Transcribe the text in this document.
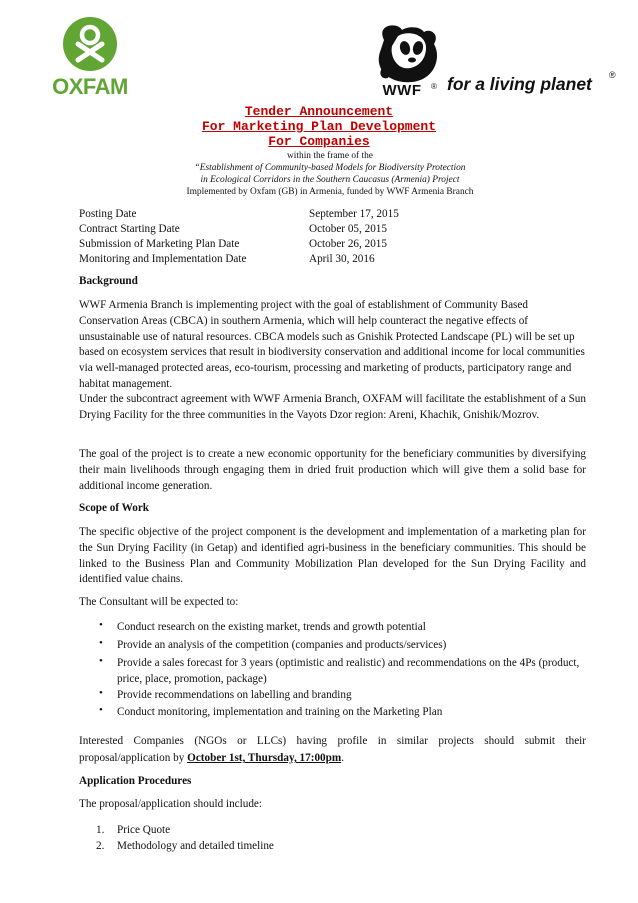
OXFAM	WWF	® for a living planet ®
Tender Announcement
For Marketing Plan Development
For Companies
within the frame of the
“Establishment of Community-based Models for Biodiversity Protection
in Ecological Corridors in the Southern Caucasus (Armenia) Project
Implemented by Oxfam (GB) in Armenia, funded by WWF Armenia Branch
Posting Date	September 17, 2015
Contract Starting Date	October 05, 2015
Submission of Marketing Plan Date	October 26, 2015
Monitoring and Implementation Date	April 30, 2016
Background

WWF Armenia Branch is implementing project with the goal of establishment of Community Based Conservation Areas (CBCA) in southern Armenia, which will help counteract the negative effects of unsustainable use of natural resources. CBCA models such as Gnishik Protected Landscape (PL) will be set up based on ecosystem services that result in biodiversity conservation and additional income for local communities via well-managed protected areas, eco-tourism, processing and marketing of products, participatory range and habitat management.

Under the subcontract agreement with WWF Armenia Branch, OXFAM will facilitate the establishment of a Sun Drying Facility for the three communities in the Vayots Dzor region: Areni, Khachik, Gnishik/Mozrov.

The goal of the project is to create a new economic opportunity for the beneficiary communities by diversifying their main livelihoods through engaging them in dried fruit production which will give them a solid base for additional income generation.

Scope of Work

The specific objective of the project component is the development and implementation of a marketing plan for the Sun Drying Facility (in Getap) and identified agri-business in the beneficiary communities. This should be linked to the Business Plan and Community Mobilization Plan developed for the Sun Drying Facility and identified value chains.

The Consultant will be expected to:
• Conduct research on the existing market, trends and growth potential
• Provide an analysis of the competition (companies and products/services)
• Provide a sales forecast for 3 years (optimistic and realistic) and recommendations on the 4Ps (product, price, place, promotion, package)
• Provide recommendations on labelling and branding
• Conduct monitoring, implementation and training on the Marketing Plan

Interested Companies (NGOs or LLCs) having profile in similar projects should submit their proposal/application by October 1st, Thursday, 17:00pm.

Application Procedures
The proposal/application should include:
1. Price Quote
2. Methodology and detailed timeline
